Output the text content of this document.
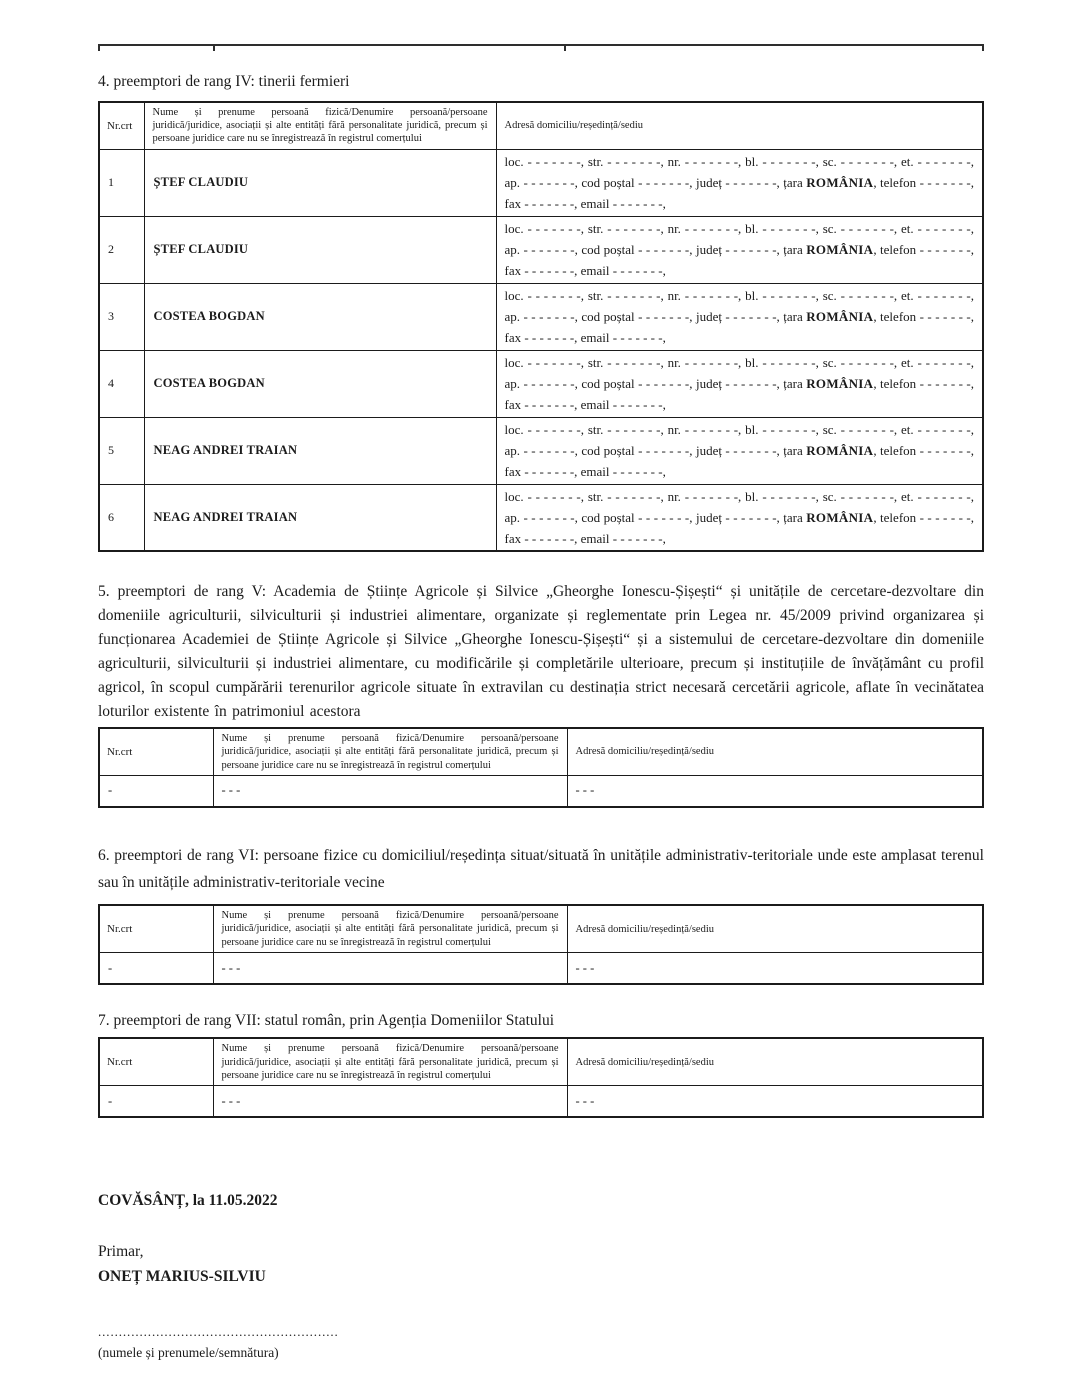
4. preemptori de rang IV: tinerii fermieri
Nr.crt	Nume și prenume persoană fizică/Denumire persoană/persoane juridică/juridice, asociații și alte entități fără personalitate juridică, precum și persoane juridice care nu se înregistrează în registrul comerțului	Adresă domiciliu/reședință/sediu
1	ȘTEF CLAUDIU	loc. - - - - - - -, str. - - - - - - -, nr. - - - - - - -, bl. - - - - - - -, sc. - - - - - - -, et. - - - - - - -,
ap. - - - - - - -, cod poștal - - - - - - -, județ - - - - - - -, țara ROMÂNIA, telefon - - - - - - -,
fax - - - - - - -, email - - - - - - -,

2	ȘTEF CLAUDIU	loc. - - - - - - -, str. - - - - - - -, nr. - - - - - - -, bl. - - - - - - -, sc. - - - - - - -, et. - - - - - - -,
ap. - - - - - - -, cod poștal - - - - - - -, județ - - - - - - -, țara ROMÂNIA, telefon - - - - - - -,
fax - - - - - - -, email - - - - - - -,

3	COSTEA BOGDAN	loc. - - - - - - -, str. - - - - - - -, nr. - - - - - - -, bl. - - - - - - -, sc. - - - - - - -, et. - - - - - - -,
ap. - - - - - - -, cod poștal - - - - - - -, județ - - - - - - -, țara ROMÂNIA, telefon - - - - - - -,
fax - - - - - - -, email - - - - - - -,

4	COSTEA BOGDAN	loc. - - - - - - -, str. - - - - - - -, nr. - - - - - - -, bl. - - - - - - -, sc. - - - - - - -, et. - - - - - - -,
ap. - - - - - - -, cod poștal - - - - - - -, județ - - - - - - -, țara ROMÂNIA, telefon - - - - - - -,
fax - - - - - - -, email - - - - - - -,

5	NEAG ANDREI TRAIAN	loc. - - - - - - -, str. - - - - - - -, nr. - - - - - - -, bl. - - - - - - -, sc. - - - - - - -, et. - - - - - - -,
ap. - - - - - - -, cod poștal - - - - - - -, județ - - - - - - -, țara ROMÂNIA, telefon - - - - - - -,
fax - - - - - - -, email - - - - - - -,

6	NEAG ANDREI TRAIAN	loc. - - - - - - -, str. - - - - - - -, nr. - - - - - - -, bl. - - - - - - -, sc. - - - - - - -, et. - - - - - - -,
ap. - - - - - - -, cod poștal - - - - - - -, județ - - - - - - -, țara ROMÂNIA, telefon - - - - - - -,
fax - - - - - - -, email - - - - - - -,
5. preemptori de rang V: Academia de Științe Agricole și Silvice „Gheorghe Ionescu-Șișești“ și unitățile de cercetare-dezvoltare din domeniile agriculturii, silviculturii și industriei alimentare, organizate și reglementate prin Legea nr. 45/2009 privind organizarea și funcționarea Academiei de Științe Agricole și Silvice „Gheorghe Ionescu-Șișești“ și a sistemului de cercetare-dezvoltare din domeniile agriculturii, silviculturii și industriei alimentare, cu modificările și completările ulterioare, precum și instituțiile de învățământ cu profil agricol, în scopul cumpărării terenurilor agricole situate în extravilan cu destinația strict necesară cercetării agricole, aflate în vecinătatea loturilor existente în patrimoniul acestora
Nr.crt	Nume și prenume persoană fizică/Denumire persoană/persoane juridică/juridice, asociații și alte entități fără personalitate juridică, precum și persoane juridice care nu se înregistrează în registrul comerțului	Adresă domiciliu/reședință/sediu
-	- - -	- - -
6. preemptori de rang VI: persoane fizice cu domiciliul/reședința situat/situată în unitățile administrativ-teritoriale unde este amplasat terenul sau în unitățile administrativ-teritoriale vecine
Nr.crt	Nume și prenume persoană fizică/Denumire persoană/persoane juridică/juridice, asociații și alte entități fără personalitate juridică, precum și persoane juridice care nu se înregistrează în registrul comerțului	Adresă domiciliu/reședință/sediu
-	- - -	- - -
7. preemptori de rang VII: statul român, prin Agenția Domeniilor Statului
Nr.crt	Nume și prenume persoană fizică/Denumire persoană/persoane juridică/juridice, asociații și alte entități fără personalitate juridică, precum și persoane juridice care nu se înregistrează în registrul comerțului	Adresă domiciliu/reședință/sediu
-	- - -	- - -
COVĂSÂNȚ, la 11.05.2022
Primar,
ONEȚ MARIUS-SILVIU
..........................................................
(numele și prenumele/semnătura)
